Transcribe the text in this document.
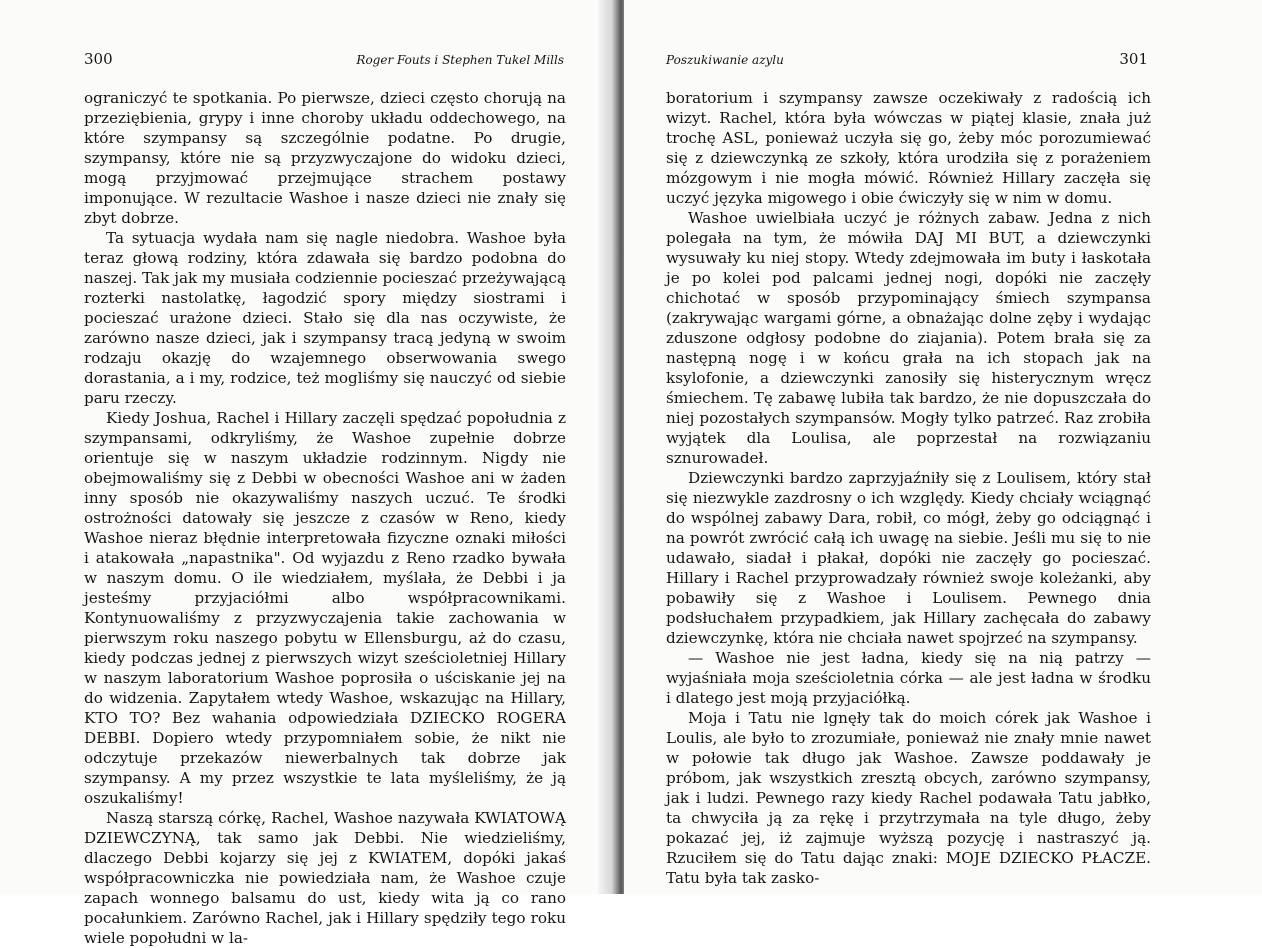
300	Roger Fouts i Stephen Tukel Mills

ograniczyć te spotkania. Po pierwsze, dzieci często chorują na przeziębienia, grypy i inne choroby układu oddechowego, na które szympansy są szczególnie podatne. Po drugie, szympansy, które nie są przyzwyczajone do widoku dzieci, mogą przyjmować przejmujące strachem postawy imponujące. W rezultacie Washoe i nasze dzieci nie znały się zbyt dobrze.

Ta sytuacja wydała nam się nagle niedobra. Washoe była teraz głową rodziny, która zdawała się bardzo podobna do naszej. Tak jak my musiała codziennie pocieszać przeżywającą rozterki nastolatkę, łagodzić spory między siostrami i pocieszać urażone dzieci. Stało się dla nas oczywiste, że zarówno nasze dzieci, jak i szympansy tracą jedyną w swoim rodzaju okazję do wzajemnego obserwowania swego dorastania, a i my, rodzice, też mogliśmy się nauczyć od siebie paru rzeczy.

Kiedy Joshua, Rachel i Hillary zaczęli spędzać popołudnia z szympansami, odkryliśmy, że Washoe zupełnie dobrze orientuje się w naszym układzie rodzinnym. Nigdy nie obejmowaliśmy się z Debbi w obecności Washoe ani w żaden inny sposób nie okazywaliśmy naszych uczuć. Te środki ostrożności datowały się jeszcze z czasów w Reno, kiedy Washoe nieraz błędnie interpretowała fizyczne oznaki miłości i atakowała „napastnika". Od wyjazdu z Reno rzadko bywała w naszym domu. O ile wiedziałem, myślała, że Debbi i ja jesteśmy przyjaciółmi albo współpracownikami. Kontynuowaliśmy z przyzwyczajenia takie zachowania w pierwszym roku naszego pobytu w Ellensburgu, aż do czasu, kiedy podczas jednej z pierwszych wizyt sześcioletniej Hillary w naszym laboratorium Washoe poprosiła o uściskanie jej na do widzenia. Zapytałem wtedy Washoe, wskazując na Hillary, KTO TO? Bez wahania odpowiedziała DZIECKO ROGERA DEBBI. Dopiero wtedy przypomniałem sobie, że nikt nie odczytuje przekazów niewerbalnych tak dobrze jak szympansy. A my przez wszystkie te lata myśleliśmy, że ją oszukaliśmy!

Naszą starszą córkę, Rachel, Washoe nazywała KWIATOWĄ DZIEWCZYNĄ, tak samo jak Debbi. Nie wiedzieliśmy, dlaczego Debbi kojarzy się jej z KWIATEM, dopóki jakaś współpracowniczka nie powiedziała nam, że Washoe czuje zapach wonnego balsamu do ust, kiedy wita ją co rano pocałunkiem. Zarówno Rachel, jak i Hillary spędziły tego roku wiele popołudni w la-

Poszukiwanie azylu	301

boratorium i szympansy zawsze oczekiwały z radością ich wizyt. Rachel, która była wówczas w piątej klasie, znała już trochę ASL, ponieważ uczyła się go, żeby móc porozumiewać się z dziewczynką ze szkoły, która urodziła się z porażeniem mózgowym i nie mogła mówić. Również Hillary zaczęła się uczyć języka migowego i obie ćwiczyły się w nim w domu.

Washoe uwielbiała uczyć je różnych zabaw. Jedna z nich polegała na tym, że mówiła DAJ MI BUT, a dziewczynki wysuwały ku niej stopy. Wtedy zdejmowała im buty i łaskotała je po kolei pod palcami jednej nogi, dopóki nie zaczęły chichotać w sposób przypominający śmiech szympansa (zakrywając wargami górne, a obnażając dolne zęby i wydając zduszone odgłosy podobne do ziajania). Potem brała się za następną nogę i w końcu grała na ich stopach jak na ksylofonie, a dziewczynki zanosiły się histerycznym wręcz śmiechem. Tę zabawę lubiła tak bardzo, że nie dopuszczała do niej pozostałych szympansów. Mogły tylko patrzeć. Raz zrobiła wyjątek dla Loulisa, ale poprzestał na rozwiązaniu sznurowadeł.

Dziewczynki bardzo zaprzyjaźniły się z Loulisem, który stał się niezwykle zazdrosny o ich względy. Kiedy chciały wciągnąć do wspólnej zabawy Dara, robił, co mógł, żeby go odciągnąć i na powrót zwrócić całą ich uwagę na siebie. Jeśli mu się to nie udawało, siadał i płakał, dopóki nie zaczęły go pocieszać. Hillary i Rachel przyprowadzały również swoje koleżanki, aby pobawiły się z Washoe i Loulisem. Pewnego dnia podsłuchałem przypadkiem, jak Hillary zachęcała do zabawy dziewczynkę, która nie chciała nawet spojrzeć na szympansy.

— Washoe nie jest ładna, kiedy się na nią patrzy — wyjaśniała moja sześcioletnia córka — ale jest ładna w środku i dlatego jest moją przyjaciółką.

Moja i Tatu nie lgnęły tak do moich córek jak Washoe i Loulis, ale było to zrozumiałe, ponieważ nie znały mnie nawet w połowie tak długo jak Washoe. Zawsze poddawały je próbom, jak wszystkich zresztą obcych, zarówno szympansy, jak i ludzi. Pewnego razy kiedy Rachel podawała Tatu jabłko, ta chwyciła ją za rękę i przytrzymała na tyle długo, żeby pokazać jej, iż zajmuje wyższą pozycję i nastraszyć ją. Rzuciłem się do Tatu dając znaki: MOJE DZIECKO PŁACZE. Tatu była tak zasko-
